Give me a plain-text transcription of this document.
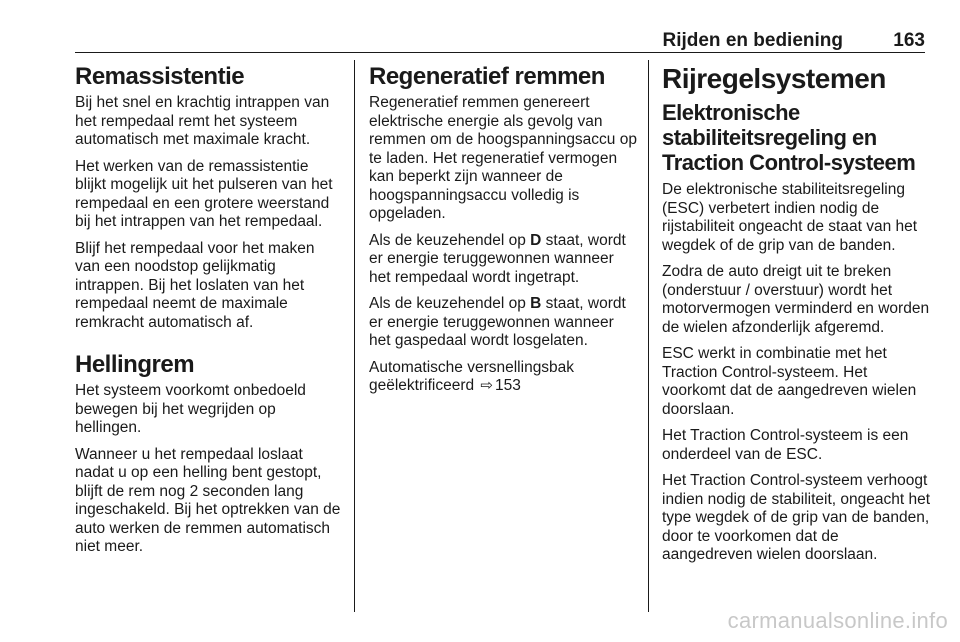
Rijden en bediening	163
Remassistentie

Bij het snel en krachtig intrappen van het rempedaal remt het systeem automatisch met maximale kracht.

Het werken van de remassistentie blijkt mogelijk uit het pulseren van het rempedaal en een grotere weerstand bij het intrappen van het rempedaal.

Blijf het rempedaal voor het maken van een noodstop gelijkmatig intrappen. Bij het loslaten van het rempedaal neemt de maximale remkracht automatisch af.

Hellingrem

Het systeem voorkomt onbedoeld bewegen bij het wegrijden op hellingen.

Wanneer u het rempedaal loslaat nadat u op een helling bent gestopt, blijft de rem nog 2 seconden lang ingeschakeld. Bij het optrekken van de auto werken de remmen automatisch niet meer.

Regeneratief remmen

Regeneratief remmen genereert elektrische energie als gevolg van remmen om de hoogspanningsaccu op te laden. Het regeneratief vermogen kan beperkt zijn wanneer de hoogspanningsaccu volledig is opgeladen.

Als de keuzehendel op D staat, wordt er energie teruggewonnen wanneer het rempedaal wordt ingetrapt.

Als de keuzehendel op B staat, wordt er energie teruggewonnen wanneer het gaspedaal wordt losgelaten.

Automatische versnellingsbak geëlektrificeerd ⇨ 153

Rijregelsystemen
Elektronische stabiliteitsregeling en Traction Control-systeem

De elektronische stabiliteitsregeling (ESC) verbetert indien nodig de rijstabiliteit ongeacht de staat van het wegdek of de grip van de banden.

Zodra de auto dreigt uit te breken (onderstuur / overstuur) wordt het motorvermogen verminderd en worden de wielen afzonderlijk afgeremd.

ESC werkt in combinatie met het Traction Control-systeem. Het voorkomt dat de aangedreven wielen doorslaan.

Het Traction Control-systeem is een onderdeel van de ESC.

Het Traction Control-systeem verhoogt indien nodig de stabiliteit, ongeacht het type wegdek of de grip van de banden, door te voorkomen dat de aangedreven wielen doorslaan.

carmanualsonline.info
